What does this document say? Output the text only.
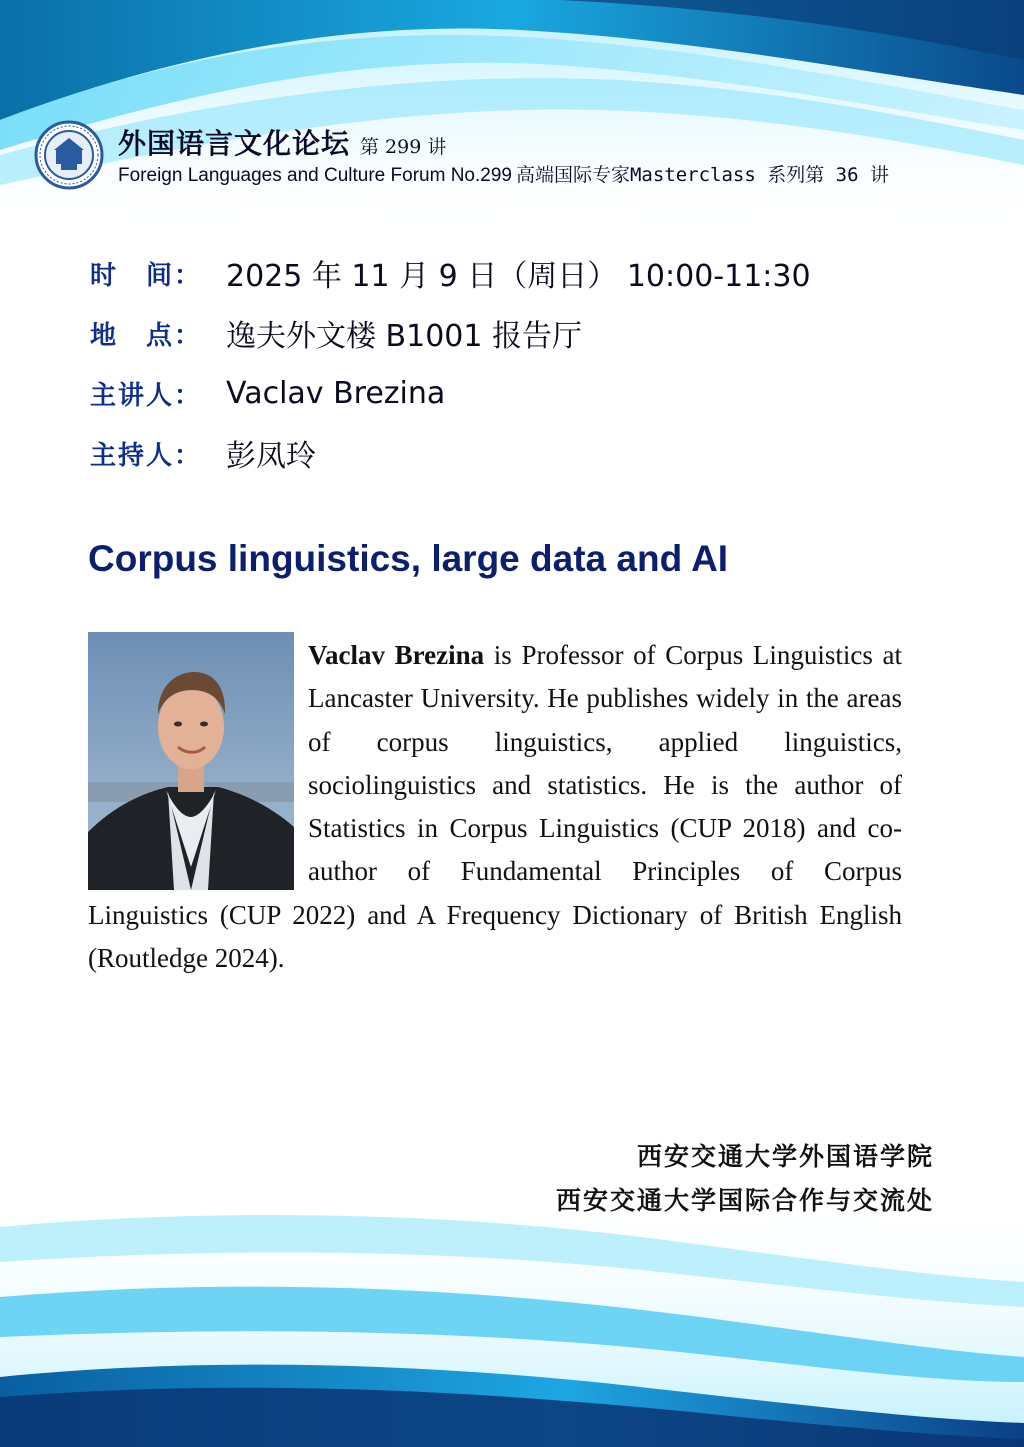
外国语言文化论坛 第 299 讲
Foreign Languages and Culture Forum No.299 高端国际专家Masterclass 系列第 36 讲
时　间： 2025 年 11 月 9 日（周日） 10:00-11:30
地　点： 逸夫外文楼 B1001 报告厅
主讲人： Vaclav Brezina
主持人： 彭凤玲
Corpus linguistics, large data and AI

Vaclav Brezina is Professor of Corpus Linguistics at Lancaster University. He publishes widely in the areas of corpus linguistics, applied linguistics, sociolinguistics and statistics. He is the author of Statistics in Corpus Linguistics (CUP 2018) and co-author of Fundamental Principles of Corpus Linguistics (CUP 2022) and A Frequency Dictionary of British English (Routledge 2024).

西安交通大学外国语学院
西安交通大学国际合作与交流处
